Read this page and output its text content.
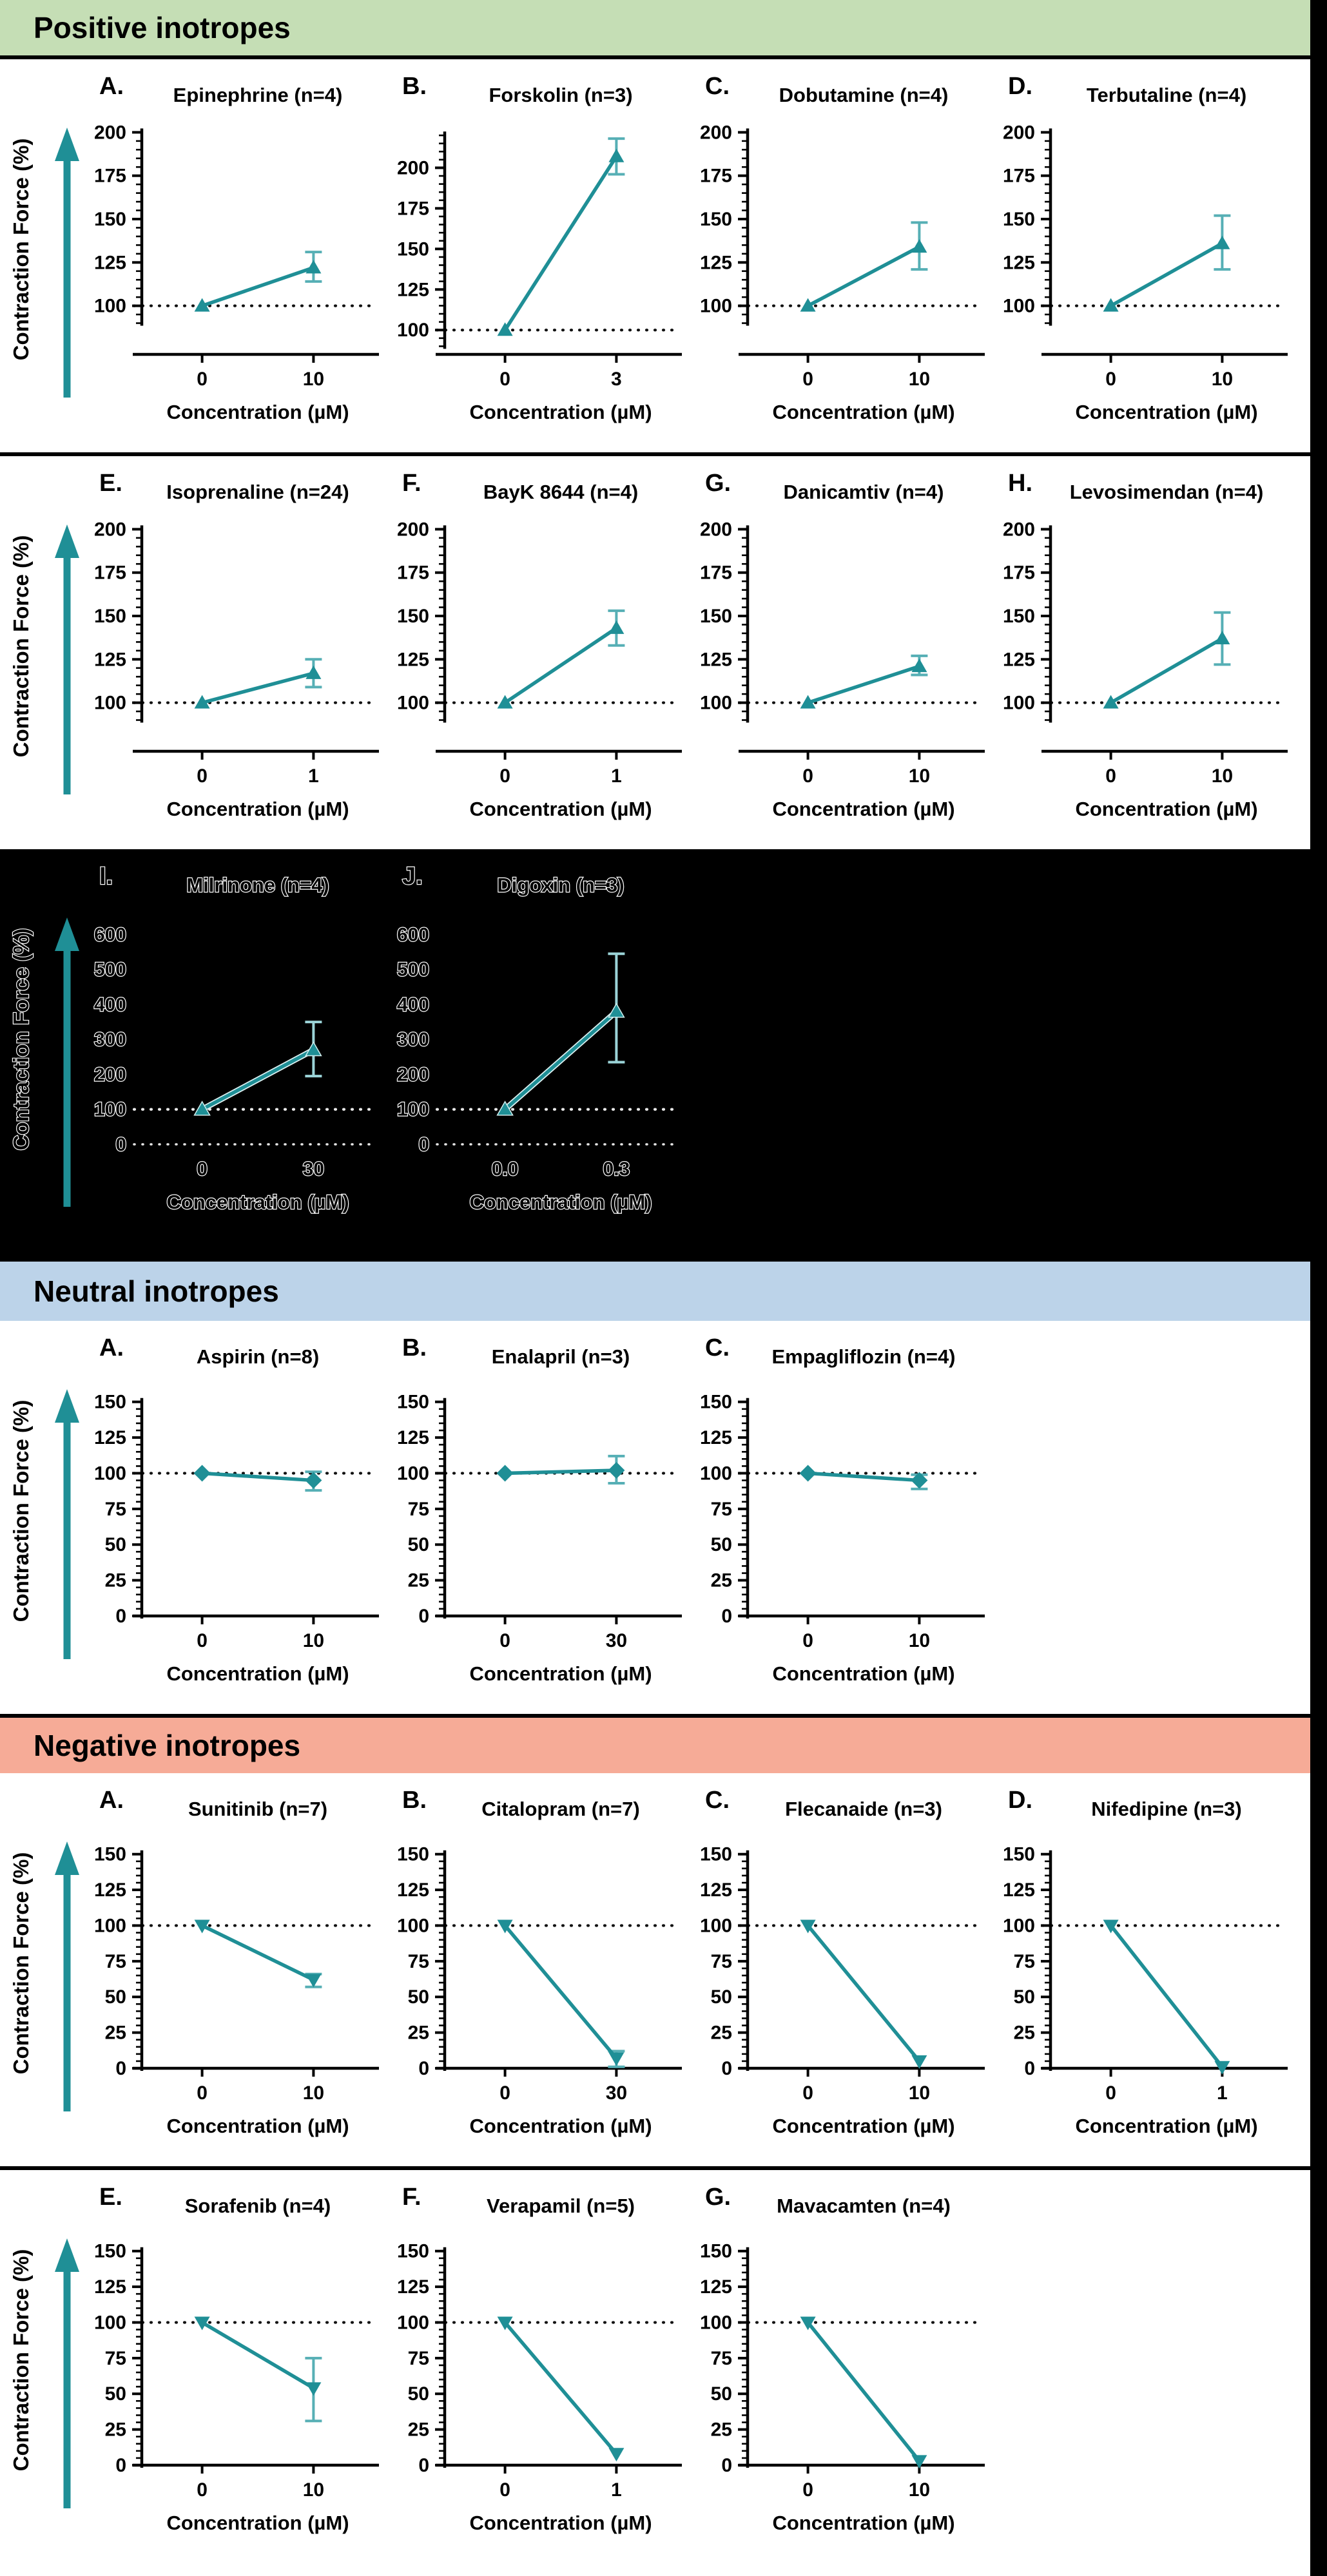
Positive inotropes
Contraction Force (%)	100
125
150
175
200
0	10
Concentration (µM)
A. Epinephrine (n=4)
100
125
150
175
200
0	3
Concentration (µM)
B.	Forskolin (n=3)
100
125
150
175
200
0	10
Concentration (µM)
C. Dobutamine (n=4)
100
125
150
175
200
0	10
Concentration (µM)
D.	Terbutaline (n=4)
Contraction Force (%)	100
125
150
175
200
0	1
Concentration (µM)
E. Isoprenaline (n=24)
100
125
150
175
200
0	1
Concentration (µM)
F.	BayK 8644 (n=4)
100
125
150
175
200
0	10
Concentration (µM)
G.	Danicamtiv (n=4)
100
125
150
175
200
0	10
Concentration (µM)
H. Levosimendan (n=4)
Contraction Force (%)	0
100
200
300
400
500
600
0	30
Concentration (µM)
I.	Milrinone (n=4)
0
100
200
300
400
500
600
0.0	0.3
Concentration (µM)
J.	Digoxin (n=3)
Neutral inotropes
Contraction Force (%)	0
25
50
75
100
125
150
0	10
Concentration (µM)
A.	Aspirin (n=8)
0
25
50
75
100
125
150
0	30
Concentration (µM)
B.	Enalapril (n=3)
0
25
50
75
100
125
150
0	10
Concentration (µM)
C. Empagliflozin (n=4)
Negative inotropes
Contraction Force (%)	0
25
50
75
100
125
150
0	10
Concentration (µM)
A.	Sunitinib (n=7)
0
25
50
75
100
125
150
0	30
Concentration (µM)
B.	Citalopram (n=7)
0
25
50
75
100
125
150
0	10
Concentration (µM)
C.	Flecanaide (n=3)
0
25
50
75
100
125
150
0	1
Concentration (µM)
D.	Nifedipine (n=3)
Contraction Force (%)	0
25
50
75
100
125
150
0	10
Concentration (µM)
E.	Sorafenib (n=4)
0
25
50
75
100
125
150
0	1
Concentration (µM)
F.	Verapamil (n=5)
0
25
50
75
100
125
150
0	10
Concentration (µM)
G. Mavacamten (n=4)
